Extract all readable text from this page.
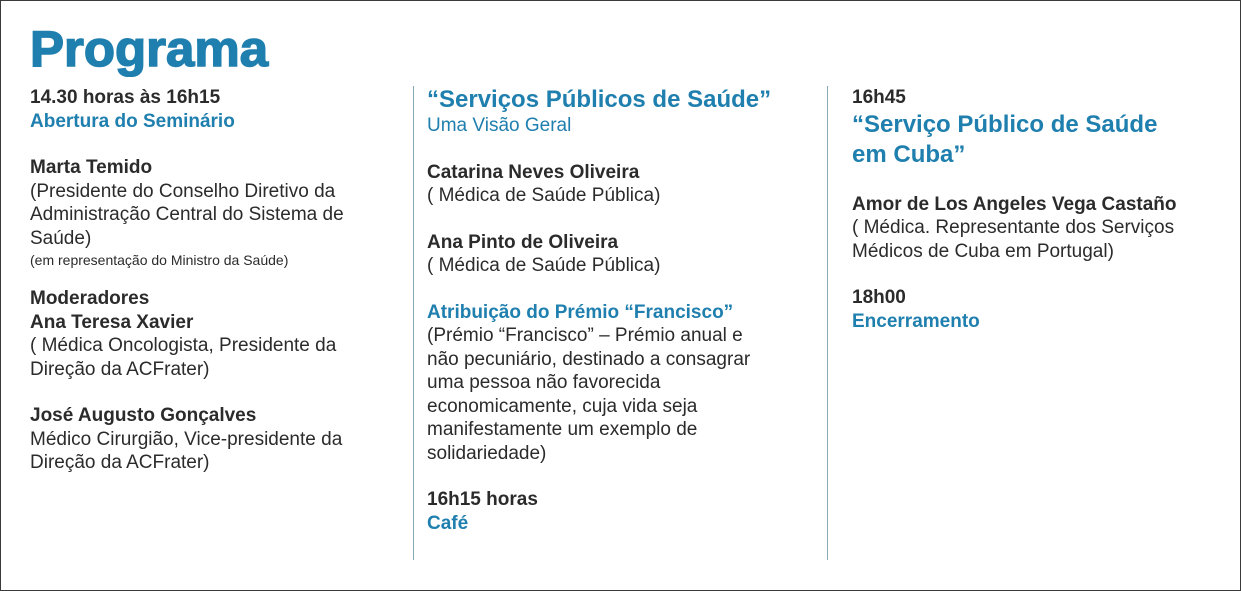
Programa
14.30 horas às 16h15
Abertura do Seminário
Marta Temido
(Presidente do Conselho Diretivo da
Administração Central do Sistema de
Saúde)
(em representação do Ministro da Saúde)
Moderadores
Ana Teresa Xavier
( Médica Oncologista, Presidente da
Direção da ACFrater)
José Augusto Gonçalves
Médico Cirurgião, Vice-presidente da
Direção da ACFrater)
“Serviços Públicos de Saúde”
Uma Visão Geral
Catarina Neves Oliveira
( Médica de Saúde Pública)
Ana Pinto de Oliveira
( Médica de Saúde Pública)
Atribuição do Prémio “Francisco”
(Prémio “Francisco” – Prémio anual e
não pecuniário, destinado a consagrar
uma pessoa não favorecida
economicamente, cuja vida seja
manifestamente um exemplo de
solidariedade)
16h15 horas
Café
16h45
“Serviço Público de Saúde
em Cuba”
Amor de Los Angeles Vega Castaño
( Médica. Representante dos Serviços
Médicos de Cuba em Portugal)
18h00
Encerramento
